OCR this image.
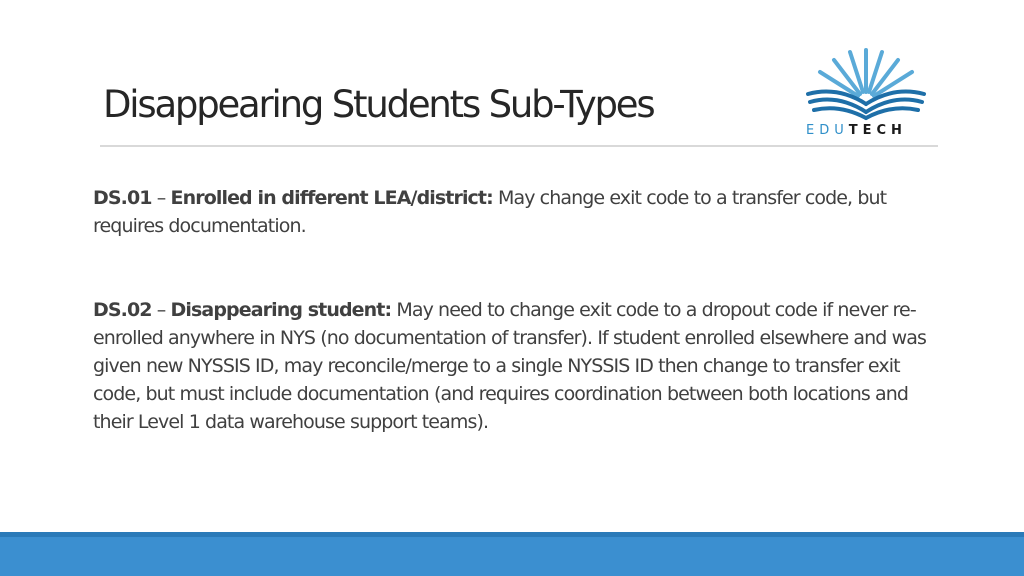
Disappearing Students Sub-Types
EDUTECH

DS.01 – Enrolled in different LEA/district: May change exit code to a transfer code, but requires documentation.

DS.02 – Disappearing student: May need to change exit code to a dropout code if never re-enrolled anywhere in NYS (no documentation of transfer). If student enrolled elsewhere and was given new NYSSIS ID, may reconcile/merge to a single NYSSIS ID then change to transfer exit code, but must include documentation (and requires coordination between both locations and their Level 1 data warehouse support teams).
